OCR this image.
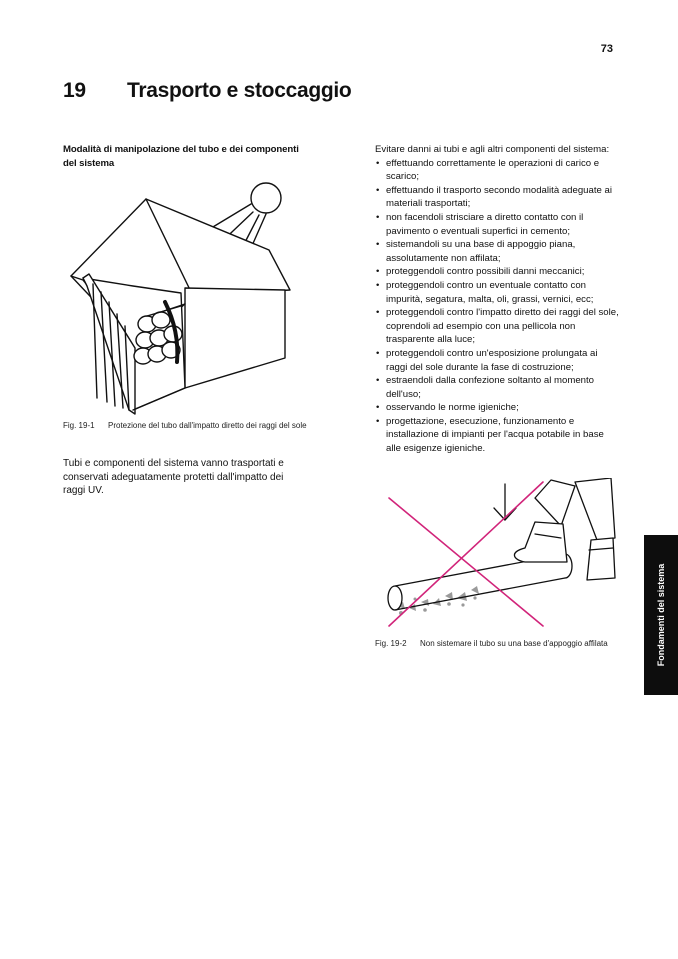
73
19 Trasporto e stoccaggio
Modalità di manipolazione del tubo e dei componenti del sistema
Fig. 19-1 Protezione del tubo dall'impatto diretto dei raggi del sole
Tubi e componenti del sistema vanno trasportati e conservati adeguatamente protetti dall'impatto dei raggi UV.
Evitare danni ai tubi e agli altri componenti del sistema:
• effettuando correttamente le operazioni di carico e scarico;
• effettuando il trasporto secondo modalità adeguate ai materiali trasportati;
• non facendoli strisciare a diretto contatto con il pavimento o eventuali superfici in cemento;
• sistemandoli su una base di appoggio piana, assolutamente non affilata;
• proteggendoli contro possibili danni meccanici;
• proteggendoli contro un eventuale contatto con impurità, segatura, malta, oli, grassi, vernici, ecc;
• proteggendoli contro l'impatto diretto dei raggi del sole, coprendoli ad esempio con una pellicola non trasparente alla luce;
• proteggendoli contro un'esposizione prolungata ai raggi del sole durante la fase di costruzione;
• estraendoli dalla confezione soltanto al momento dell'uso;
• osservando le norme igieniche;
• progettazione, esecuzione, funzionamento e installazione di impianti per l'acqua potabile in base alle esigenze igieniche.
Fig. 19-2 Non sistemare il tubo su una base d'appoggio affilata	Fondamenti del sistema
